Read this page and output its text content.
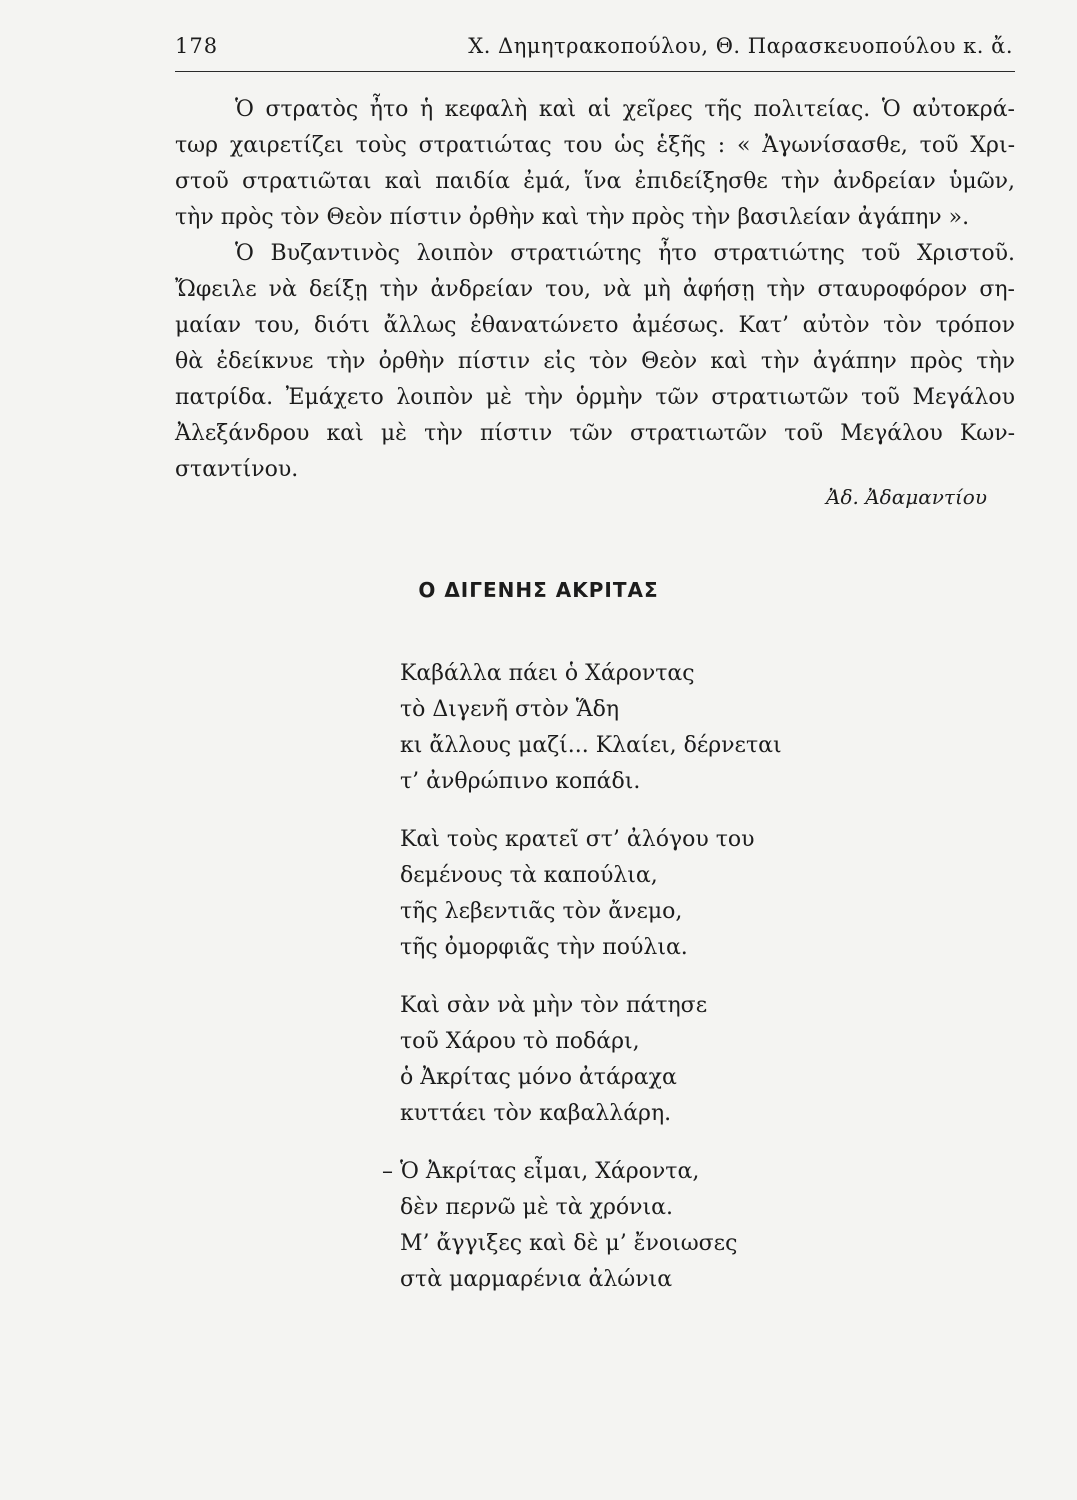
178	Χ. Δημητρακοπούλου, Θ. Παρασκευοπούλου κ. ἄ.
Ὁ στρατὸς ἦτο ἡ κεφαλὴ καὶ αἱ χεῖρες τῆς πολιτείας. Ὁ αὐτοκρά-
τωρ χαιρετίζει τοὺς στρατιώτας του ὡς ἑξῆς : « Ἀγωνίσασθε, τοῦ Χρι-
στοῦ στρατιῶται καὶ παιδία ἐμά, ἵνα ἐπιδείξησθε τὴν ἀνδρείαν ὑμῶν,
τὴν πρὸς τὸν Θεὸν πίστιν ὀρθὴν καὶ τὴν πρὸς τὴν βασιλείαν ἀγάπην ».
Ὁ Βυζαντινὸς λοιπὸν στρατιώτης ἦτο στρατιώτης τοῦ Χριστοῦ.
Ὤφειλε νὰ δείξῃ τὴν ἀνδρείαν του, νὰ μὴ ἀφήσῃ τὴν σταυροφόρον ση-
μαίαν του, διότι ἄλλως ἐθανατώνετο ἀμέσως. Κατ’ αὐτὸν τὸν τρόπον
θὰ ἐδείκνυε τὴν ὀρθὴν πίστιν εἰς τὸν Θεὸν καὶ τὴν ἀγάπην πρὸς τὴν
πατρίδα. Ἐμάχετο λοιπὸν μὲ τὴν ὁρμὴν τῶν στρατιωτῶν τοῦ Μεγάλου
Ἀλεξάνδρου καὶ μὲ τὴν πίστιν τῶν στρατιωτῶν τοῦ Μεγάλου Κων-
σταντίνου.
Ἀδ. Ἀδαμαντίου
Ο ΔΙΓΕΝΗΣ ΑΚΡΙΤΑΣ
Καβάλλα πάει ὁ Χάροντας
τὸ Διγενῆ στὸν Ἅδη
κι ἄλλους μαζί... Κλαίει, δέρνεται
τ’ ἀνθρώπινο κοπάδι.
Καὶ τοὺς κρατεῖ στ’ ἀλόγου του
δεμένους τὰ καπούλια,
τῆς λεβεντιᾶς τὸν ἄνεμο,
τῆς ὀμορφιᾶς τὴν πούλια.
Καὶ σὰν νὰ μὴν τὸν πάτησε
τοῦ Χάρου τὸ ποδάρι,
ὁ Ἀκρίτας μόνο ἀτάραχα
κυττάει τὸν καβαλλάρη.
– Ὁ Ἀκρίτας εἶμαι, Χάροντα,
δὲν περνῶ μὲ τὰ χρόνια.
Μ’ ἄγγιξες καὶ δὲ μ’ ἔνοιωσες
στὰ μαρμαρένια ἀλώνια
